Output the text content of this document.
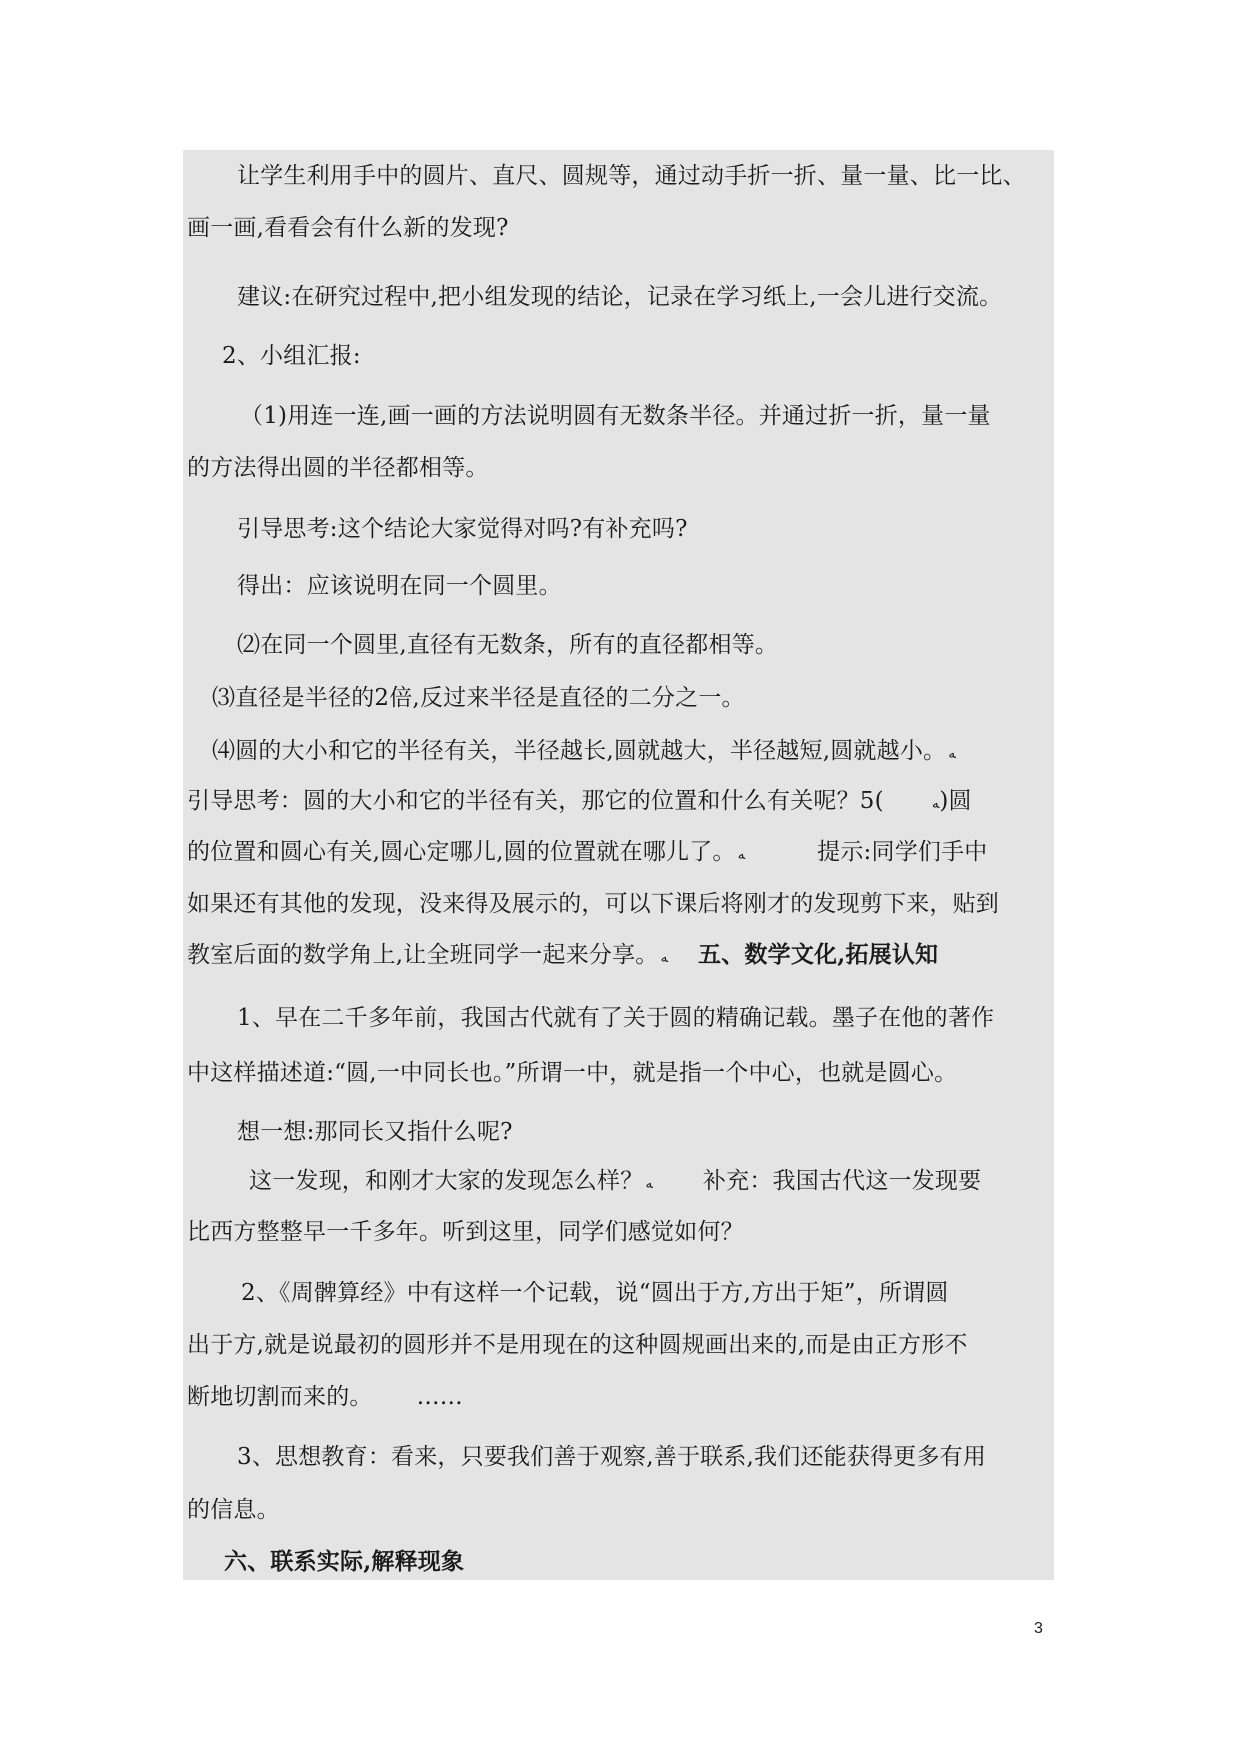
让学生利用手中的圆片、直尺、圆规等，通过动手折一折、量一量、比一比、
画一画,看看会有什么新的发现?
建议:在研究过程中,把小组发现的结论，记录在学习纸上,一会儿进行交流。
2、小组汇报:
（1)用连一连,画一画的方法说明圆有无数条半径。并通过折一折，量一量
的方法得出圆的半径都相等。
引导思考:这个结论大家觉得对吗?有补充吗?
得出：应该说明在同一个圆里。
⑵在同一个圆里,直径有无数条，所有的直径都相等。
⑶直径是半径的2倍,反过来半径是直径的二分之一。
⑷圆的大小和它的半径有关，半径越长,圆就越大，半径越短,圆就越小。 ﻪ
引导思考：圆的大小和它的半径有关，那它的位置和什么有关呢？5(	ﻪ)圆
的位置和圆心有关,圆心定哪儿,圆的位置就在哪儿了。 ﻪ	提示:同学们手中
如果还有其他的发现，没来得及展示的，可以下课后将刚才的发现剪下来，贴到
教室后面的数学角上,让全班同学一起来分享。 ﻪ 五、数学文化,拓展认知
1、早在二千多年前，我国古代就有了关于圆的精确记载。墨子在他的著作
中这样描述道:“圆,一中同长也。”所谓一中，就是指一个中心，也就是圆心。
想一想:那同长又指什么呢?
这一发现，和刚才大家的发现怎么样？ ﻪ 补充：我国古代这一发现要
比西方整整早一千多年。听到这里，同学们感觉如何？
2、《周髀算经》中有这样一个记载，说“圆出于方,方出于矩”，所谓圆
出于方,就是说最初的圆形并不是用现在的这种圆规画出来的,而是由正方形不
断地切割而来的。 ……
3、思想教育：看来，只要我们善于观察,善于联系,我们还能获得更多有用
的信息。
六、联系实际,解释现象
3
